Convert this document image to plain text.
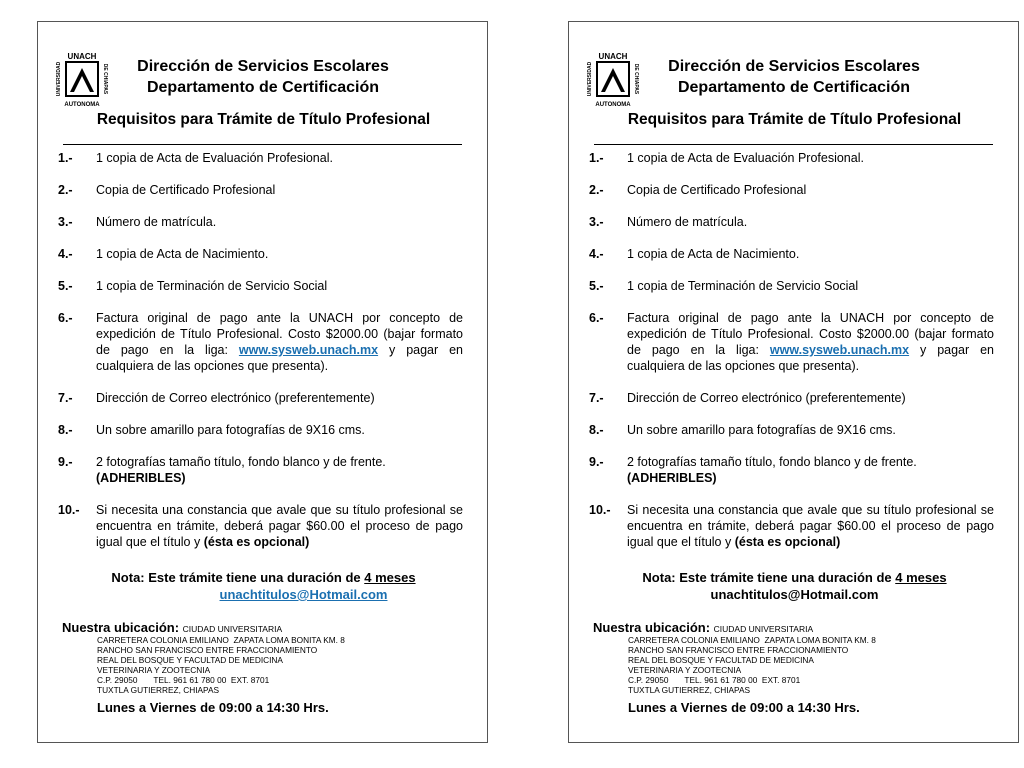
UNACH
UNIVERSIDAD	DE CHIAPAS
AUTONOMA
Dirección de Servicios Escolares
Departamento de Certificación
Requisitos para Trámite de Título Profesional
1.- 1 copia de Acta de Evaluación Profesional.
2.- Copia de Certificado Profesional
3.- Número de matrícula.
4.- 1 copia de Acta de Nacimiento.
5.- 1 copia de Terminación de Servicio Social
6.- Factura original de pago ante la UNACH por concepto de expedición de Título Profesional. Costo $2000.00 (bajar formato de pago en la liga: www.sysweb.unach.mx y pagar en cualquiera de las opciones que presenta).
7.- Dirección de Correo electrónico (preferentemente)
8.- Un sobre amarillo para fotografías de 9X16 cms.
9.- 2 fotografías tamaño título, fondo blanco y de frente.
(ADHERIBLES)
10.- Si necesita una constancia que avale que su título profesional se encuentra en trámite, deberá pagar $60.00 el proceso de pago igual que el título y (ésta es opcional)
Nota: Este trámite tiene una duración de 4 meses
unachtitulos@Hotmail.com
Nuestra ubicación: CIUDAD UNIVERSITARIA
CARRETERA COLONIA EMILIANO  ZAPATA LOMA BONITA KM. 8
RANCHO SAN FRANCISCO ENTRE FRACCIONAMIENTO
REAL DEL BOSQUE Y FACULTAD DE MEDICINA
VETERINARIA Y ZOOTECNIA
C.P. 29050       TEL. 961 61 780 00  EXT. 8701
TUXTLA GUTIERREZ, CHIAPAS
Lunes a Viernes de 09:00 a 14:30 Hrs.
UNACH
UNIVERSIDAD	DE CHIAPAS
AUTONOMA
Dirección de Servicios Escolares
Departamento de Certificación
Requisitos para Trámite de Título Profesional
1.- 1 copia de Acta de Evaluación Profesional.
2.- Copia de Certificado Profesional
3.- Número de matrícula.
4.- 1 copia de Acta de Nacimiento.
5.- 1 copia de Terminación de Servicio Social
6.- Factura original de pago ante la UNACH por concepto de expedición de Título Profesional. Costo $2000.00 (bajar formato de pago en la liga: www.sysweb.unach.mx y pagar en cualquiera de las opciones que presenta).
7.- Dirección de Correo electrónico (preferentemente)
8.- Un sobre amarillo para fotografías de 9X16 cms.
9.- 2 fotografías tamaño título, fondo blanco y de frente.
(ADHERIBLES)
10.- Si necesita una constancia que avale que su título profesional se encuentra en trámite, deberá pagar $60.00 el proceso de pago igual que el título y (ésta es opcional)
Nota: Este trámite tiene una duración de 4 meses
unachtitulos@Hotmail.com
Nuestra ubicación: CIUDAD UNIVERSITARIA
CARRETERA COLONIA EMILIANO  ZAPATA LOMA BONITA KM. 8
RANCHO SAN FRANCISCO ENTRE FRACCIONAMIENTO
REAL DEL BOSQUE Y FACULTAD DE MEDICINA
VETERINARIA Y ZOOTECNIA
C.P. 29050       TEL. 961 61 780 00  EXT. 8701
TUXTLA GUTIERREZ, CHIAPAS
Lunes a Viernes de 09:00 a 14:30 Hrs.
